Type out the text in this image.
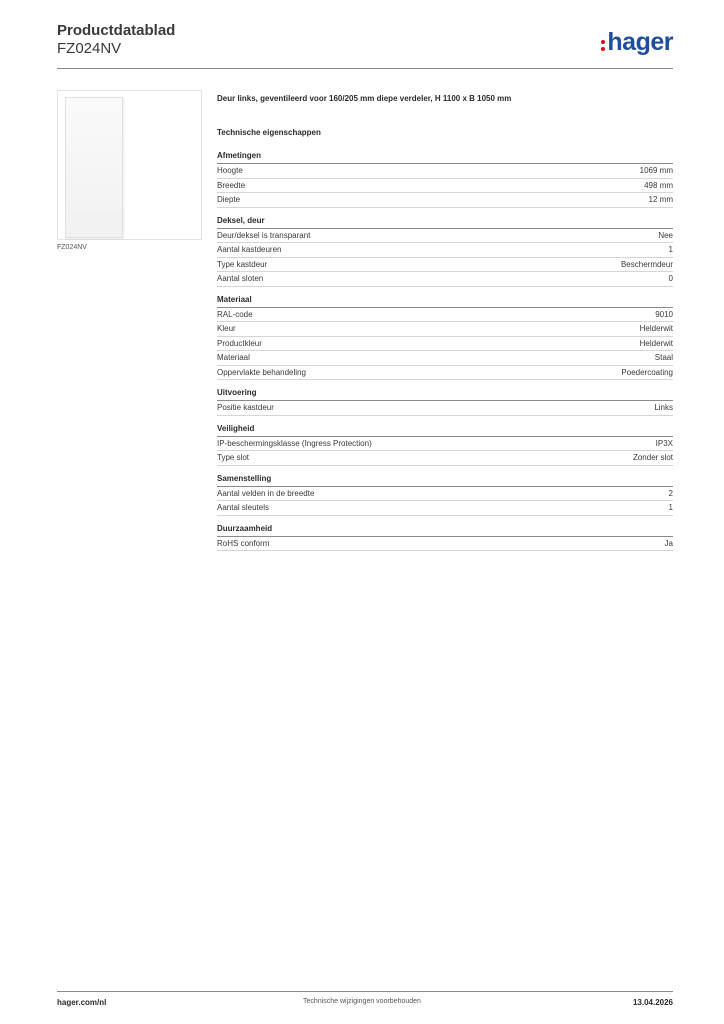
Productdatablad
FZ024NV	hager
FZ024NV
Deur links, geventileerd voor 160/205 mm diepe verdeler, H 1100 x B 1050 mm
Technische eigenschappen
Afmetingen
Hoogte	1069 mm
Breedte	498 mm
Diepte	12 mm
Deksel, deur
Deur/deksel is transparant	Nee
Aantal kastdeuren	1
Type kastdeur	Beschermdeur
Aantal sloten	0
Materiaal
RAL-code	9010
Kleur	Helderwit
Productkleur	Helderwit
Materiaal	Staal
Oppervlakte behandeling	Poedercoating
Uitvoering
Positie kastdeur	Links
Veiligheid
IP-beschermingsklasse (Ingress Protection)	IP3X
Type slot	Zonder slot
Samenstelling
Aantal velden in de breedte	2
Aantal sleutels	1
Duurzaamheid
RoHS conform	Ja
hager.com/nl	Technische wijzigingen voorbehouden	13.04.2026
